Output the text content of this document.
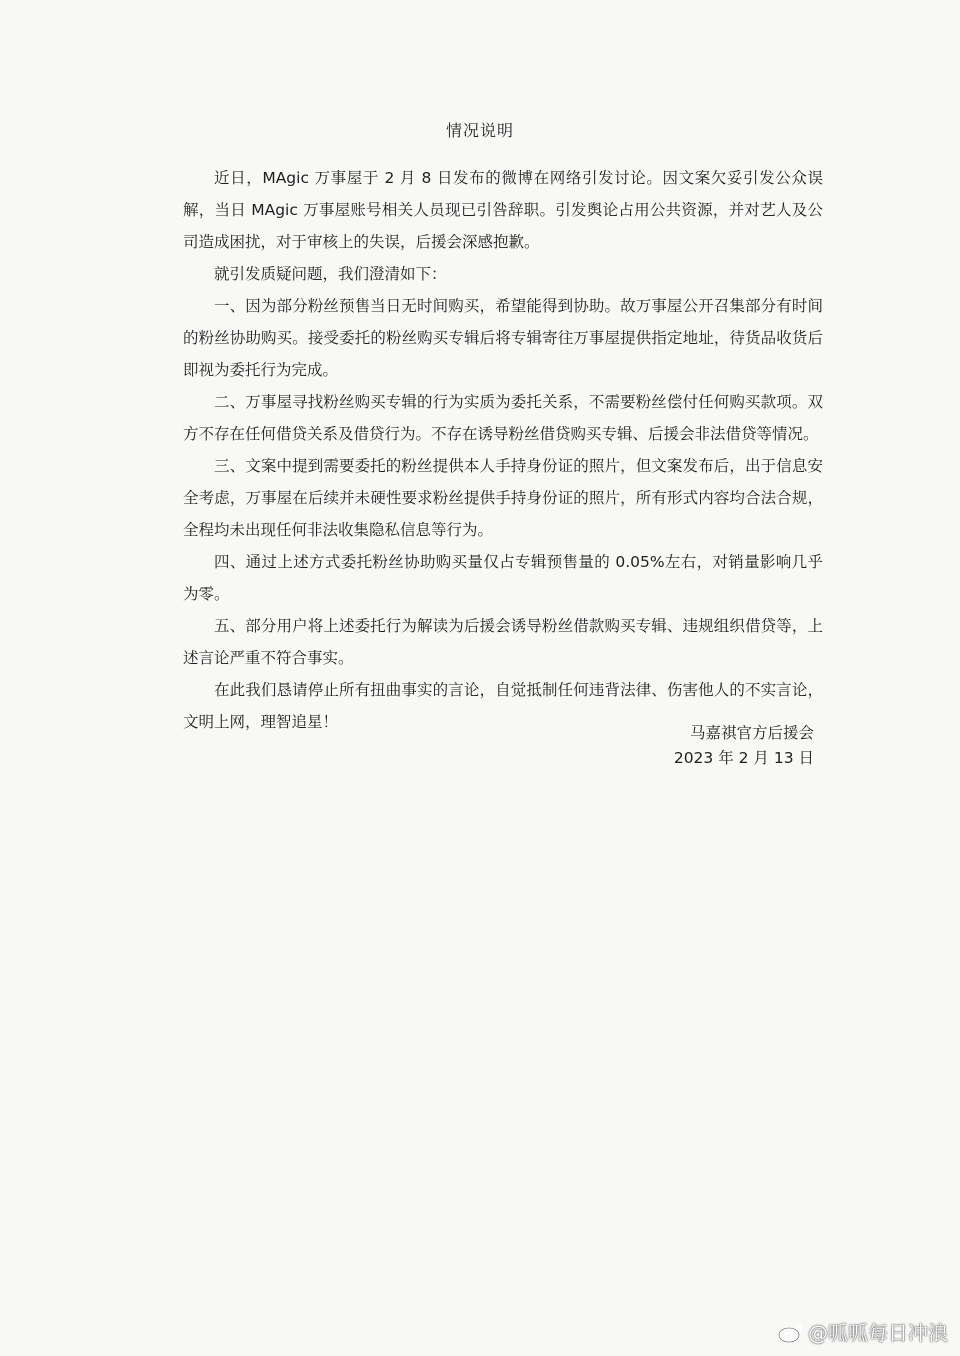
情况说明

近日，MAgic 万事屋于 2 月 8 日发布的微博在网络引发讨论。因文案欠妥引发公众误解，当日 MAgic 万事屋账号相关人员现已引咎辞职。引发舆论占用公共资源，并对艺人及公司造成困扰，对于审核上的失误，后援会深感抱歉。

就引发质疑问题，我们澄清如下：

一、因为部分粉丝预售当日无时间购买，希望能得到协助。故万事屋公开召集部分有时间的粉丝协助购买。接受委托的粉丝购买专辑后将专辑寄往万事屋提供指定地址，待货品收货后即视为委托行为完成。

二、万事屋寻找粉丝购买专辑的行为实质为委托关系，不需要粉丝偿付任何购买款项。双方不存在任何借贷关系及借贷行为。不存在诱导粉丝借贷购买专辑、后援会非法借贷等情况。

三、文案中提到需要委托的粉丝提供本人手持身份证的照片，但文案发布后，出于信息安全考虑，万事屋在后续并未硬性要求粉丝提供手持身份证的照片，所有形式内容均合法合规，全程均未出现任何非法收集隐私信息等行为。

四、通过上述方式委托粉丝协助购买量仅占专辑预售量的 0.05%左右，对销量影响几乎为零。

五、部分用户将上述委托行为解读为后援会诱导粉丝借款购买专辑、违规组织借贷等，上述言论严重不符合事实。

在此我们恳请停止所有扭曲事实的言论，自觉抵制任何违背法律、伤害他人的不实言论，文明上网，理智追星！

马嘉祺官方后援会
2023 年 2 月 13 日
@呱呱每日冲浪
